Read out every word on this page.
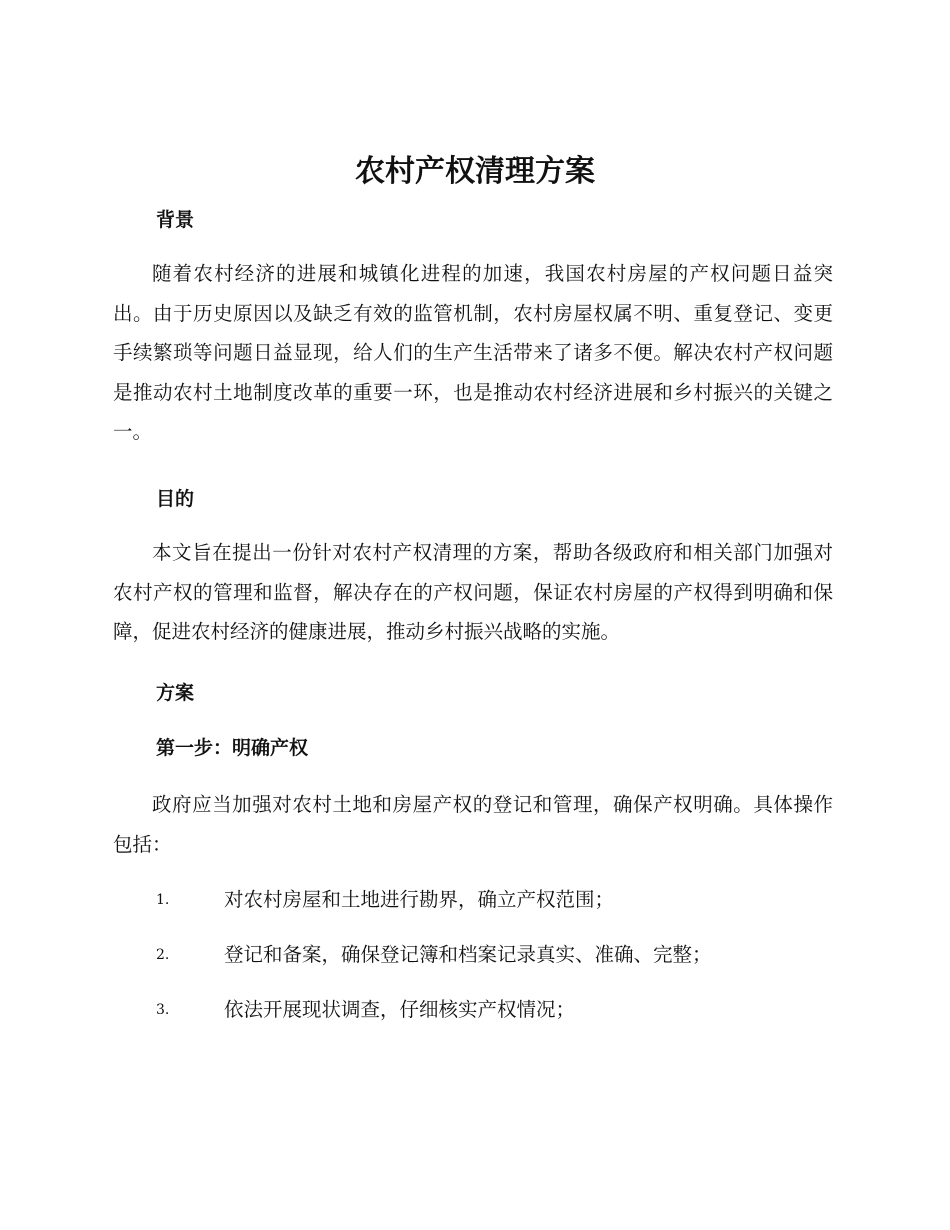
农村产权清理方案
背景

随着农村经济的进展和城镇化进程的加速，我国农村房屋的产权问题日益突出。由于历史原因以及缺乏有效的监管机制，农村房屋权属不明、重复登记、变更手续繁琐等问题日益显现，给人们的生产生活带来了诸多不便。解决农村产权问题是推动农村土地制度改革的重要一环，也是推动农村经济进展和乡村振兴的关键之一。

目的

本文旨在提出一份针对农村产权清理的方案，帮助各级政府和相关部门加强对农村产权的管理和监督，解决存在的产权问题，保证农村房屋的产权得到明确和保障，促进农村经济的健康进展，推动乡村振兴战略的实施。

方案
第一步：明确产权

政府应当加强对农村土地和房屋产权的登记和管理，确保产权明确。具体操作包括：

1.	对农村房屋和土地进行勘界，确立产权范围；
2.	登记和备案，确保登记簿和档案记录真实、准确、完整；
3.	依法开展现状调查，仔细核实产权情况；
